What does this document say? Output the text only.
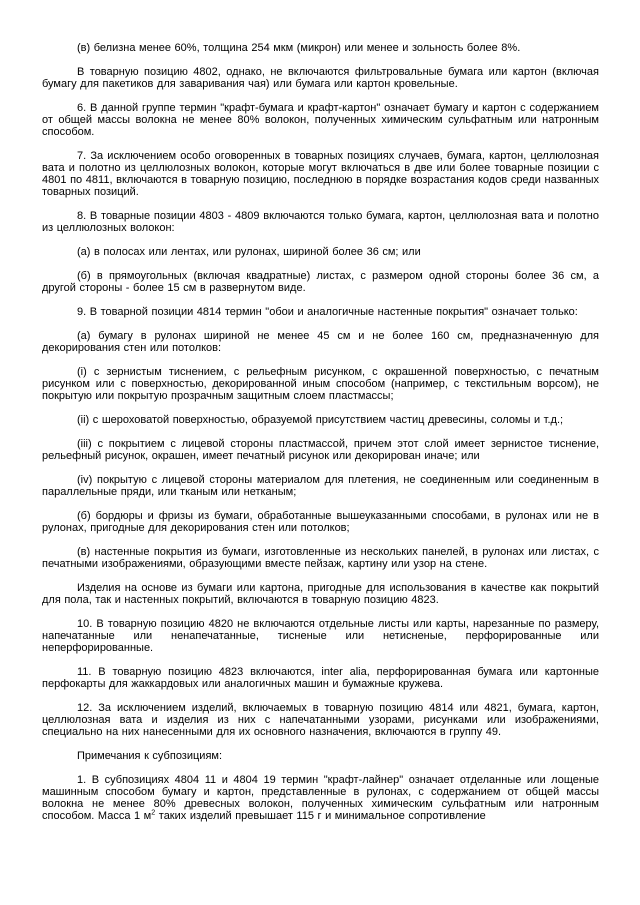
(в) белизна менее 60%, толщина 254 мкм (микрон) или менее и зольность более 8%.

В товарную позицию 4802, однако, не включаются фильтровальные бумага или картон (включая бумагу для пакетиков для заваривания чая) или бумага или картон кровельные.

6. В данной группе термин "крафт-бумага и крафт-картон" означает бумагу и картон с содержанием от общей массы волокна не менее 80% волокон, полученных химическим сульфатным или натронным способом.

7. За исключением особо оговоренных в товарных позициях случаев, бумага, картон, целлюлозная вата и полотно из целлюлозных волокон, которые могут включаться в две или более товарные позиции с 4801 по 4811, включаются в товарную позицию, последнюю в порядке возрастания кодов среди названных товарных позиций.

8. В товарные позиции 4803 - 4809 включаются только бумага, картон, целлюлозная вата и полотно из целлюлозных волокон:

(а) в полосах или лентах, или рулонах, шириной более 36 см; или

(б) в прямоугольных (включая квадратные) листах, с размером одной стороны более 36 см, а другой стороны - более 15 см в развернутом виде.

9. В товарной позиции 4814 термин "обои и аналогичные настенные покрытия" означает только:

(а) бумагу в рулонах шириной не менее 45 см и не более 160 см, предназначенную для декорирования стен или потолков:

(i) с зернистым тиснением, с рельефным рисунком, с окрашенной поверхностью, с печатным рисунком или с поверхностью, декорированной иным способом (например, с текстильным ворсом), не покрытую или покрытую прозрачным защитным слоем пластмассы;

(ii) с шероховатой поверхностью, образуемой присутствием частиц древесины, соломы и т.д.;

(iii) с покрытием с лицевой стороны пластмассой, причем этот слой имеет зернистое тиснение, рельефный рисунок, окрашен, имеет печатный рисунок или декорирован иначе; или

(iv) покрытую с лицевой стороны материалом для плетения, не соединенным или соединенным в параллельные пряди, или тканым или нетканым;

(б) бордюры и фризы из бумаги, обработанные вышеуказанными способами, в рулонах или не в рулонах, пригодные для декорирования стен или потолков;

(в) настенные покрытия из бумаги, изготовленные из нескольких панелей, в рулонах или листах, с печатными изображениями, образующими вместе пейзаж, картину или узор на стене.

Изделия на основе из бумаги или картона, пригодные для использования в качестве как покрытий для пола, так и настенных покрытий, включаются в товарную позицию 4823.

10. В товарную позицию 4820 не включаются отдельные листы или карты, нарезанные по размеру, напечатанные или ненапечатанные, тисненые или нетисненые, перфорированные или неперфорированные.

11. В товарную позицию 4823 включаются, inter alia, перфорированная бумага или картонные перфокарты для жаккардовых или аналогичных машин и бумажные кружева.

12. За исключением изделий, включаемых в товарную позицию 4814 или 4821, бумага, картон, целлюлозная вата и изделия из них с напечатанными узорами, рисунками или изображениями, специально на них нанесенными для их основного назначения, включаются в группу 49.

Примечания к субпозициям:

1. В субпозициях 4804 11 и 4804 19 термин "крафт-лайнер" означает отделанные или лощеные машинным способом бумагу и картон, представленные в рулонах, с содержанием от общей массы волокна не менее 80% древесных волокон, полученных химическим сульфатным или натронным способом. Масса 1 $м^2$ таких изделий превышает 115 г и минимальное сопротивление
